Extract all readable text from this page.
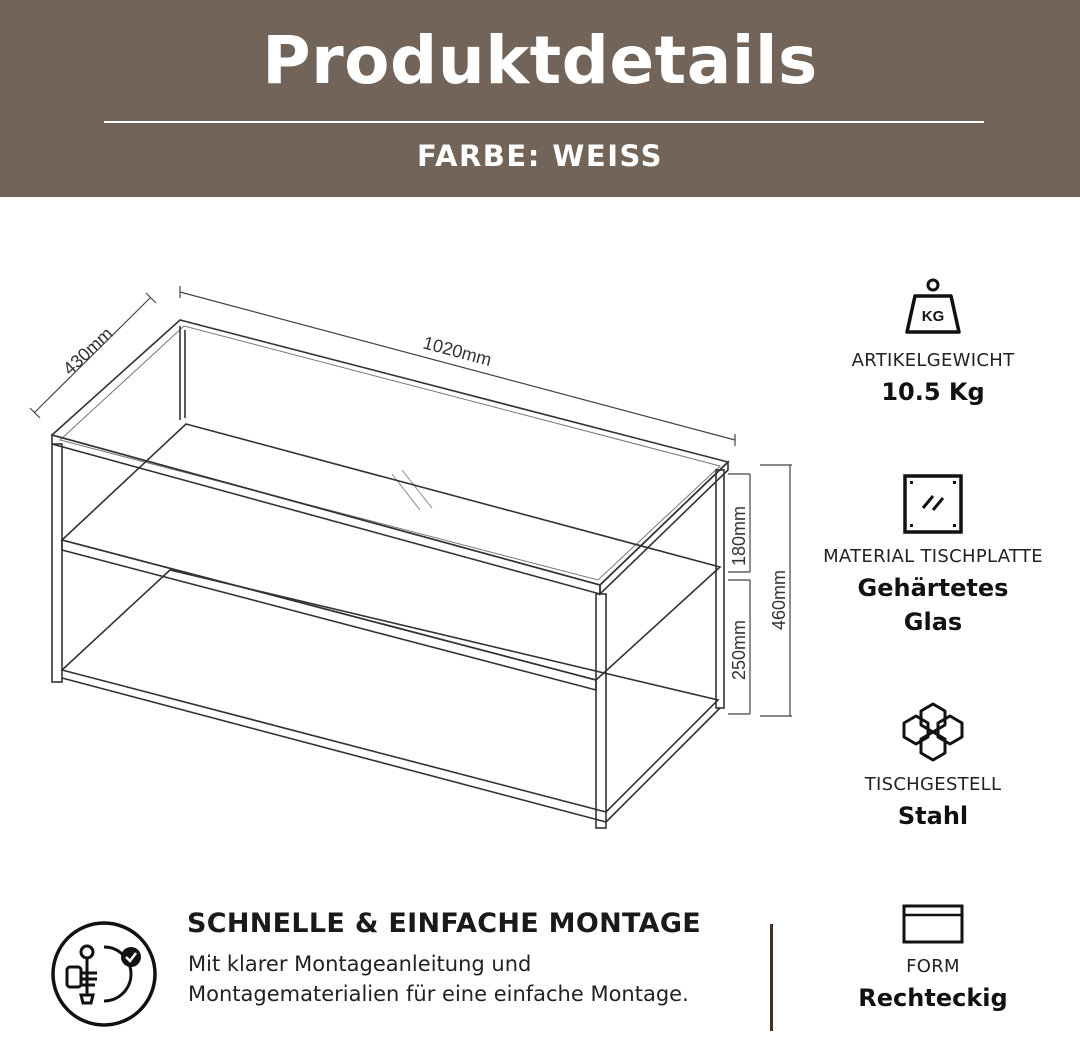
Produktdetails
FARBE: WEISS
430mm	1020mm
180mm
250mm
460mm
KG
ARTIKELGEWICHT
10.5 Kg
MATERIAL TISCHPLATTE
Gehärtetes Glas
TISCHGESTELL
Stahl
FORM
Rechteckig
SCHNELLE & EINFACHE MONTAGE
Mit klarer Montageanleitung und Montagematerialien für eine einfache Montage.
